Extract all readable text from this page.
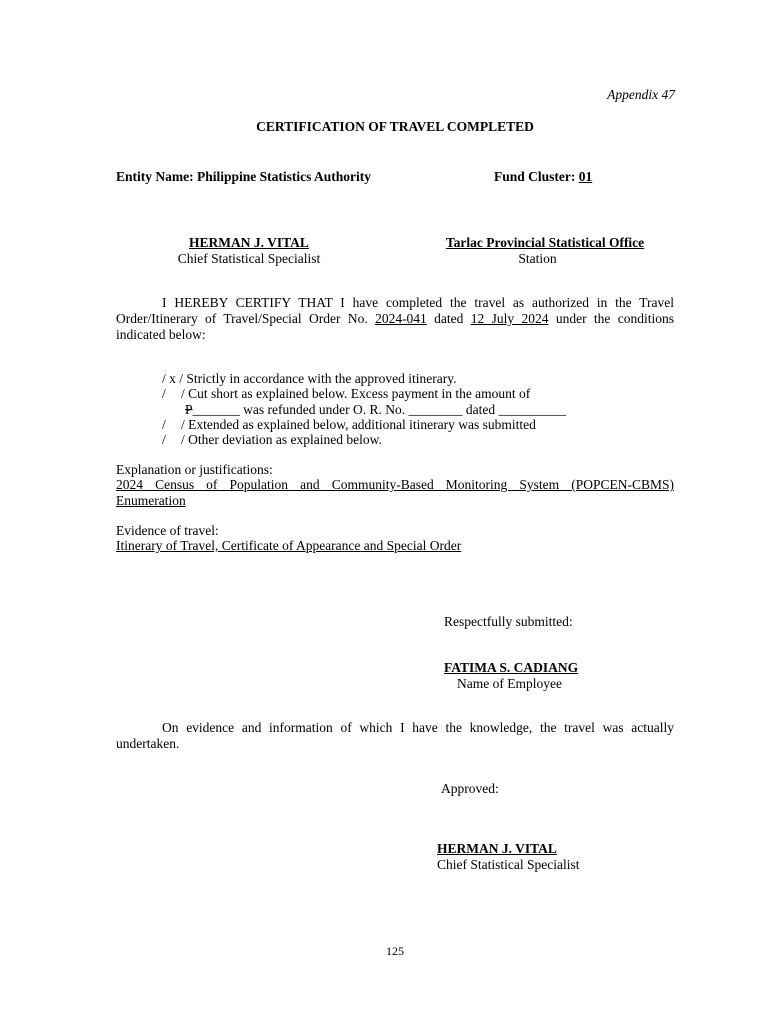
Appendix 47
CERTIFICATION OF TRAVEL COMPLETED
Entity Name: Philippine Statistics Authority	Fund Cluster: 01
HERMAN J. VITAL
Chief Statistical Specialist
Tarlac Provincial Statistical Office
Station
I HEREBY CERTIFY THAT I have completed the travel as authorized in the Travel Order/Itinerary of Travel/Special Order No. 2024-041 dated 12 July 2024 under the conditions indicated below:
/ x / Strictly in accordance with the approved itinerary.
/ / Cut short as explained below. Excess payment in the amount of
P_______ was refunded under O. R. No. ________ dated __________
/ / Extended as explained below, additional itinerary was submitted
/ / Other deviation as explained below.
Explanation or justifications:
2024 Census of Population and Community-Based Monitoring System (POPCEN-CBMS)
Enumeration
Evidence of travel:
Itinerary of Travel, Certificate of Appearance and Special Order
Respectfully submitted:
FATIMA S. CADIANG
Name of Employee
On evidence and information of which I have the knowledge, the travel was actually undertaken.
Approved:
HERMAN J. VITAL
Chief Statistical Specialist
125
